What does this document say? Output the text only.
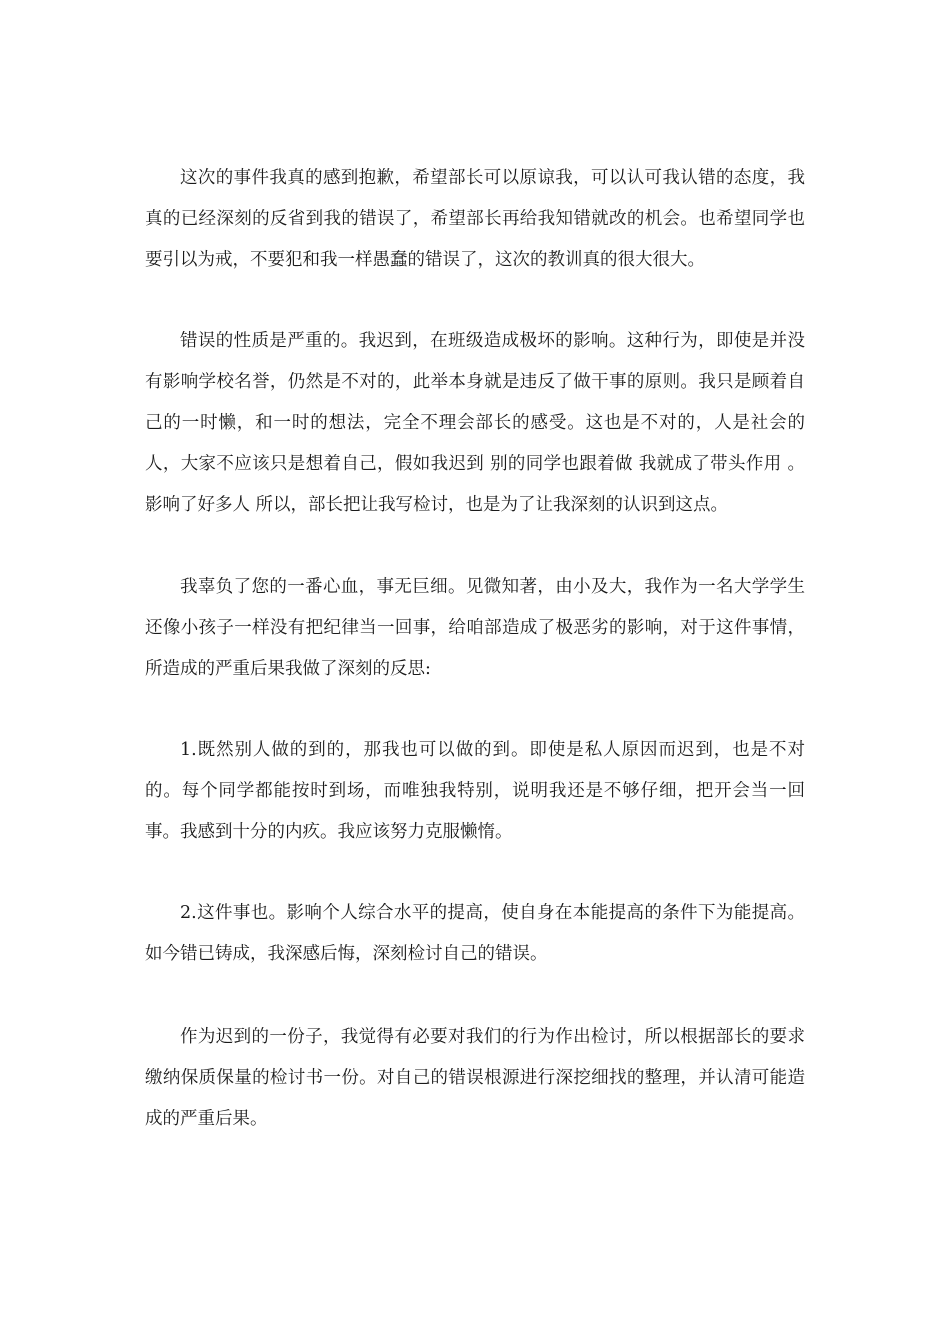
这次的事件我真的感到抱歉，希望部长可以原谅我，可以认可我认错的态度，我真的已经深刻的反省到我的错误了，希望部长再给我知错就改的机会。也希望同学也要引以为戒，不要犯和我一样愚蠢的错误了，这次的教训真的很大很大。

错误的性质是严重的。我迟到，在班级造成极坏的影响。这种行为，即使是并没有影响学校名誉，仍然是不对的，此举本身就是违反了做干事的原则。我只是顾着自己的一时懒，和一时的想法，完全不理会部长的感受。这也是不对的，人是社会的人，大家不应该只是想着自己，假如我迟到 别的同学也跟着做 我就成了带头作用 。影响了好多人 所以，部长把让我写检讨，也是为了让我深刻的认识到这点。

我辜负了您的一番心血，事无巨细。见微知著，由小及大，我作为一名大学学生还像小孩子一样没有把纪律当一回事，给咱部造成了极恶劣的影响，对于这件事情，所造成的严重后果我做了深刻的反思:

1.既然别人做的到的，那我也可以做的到。即使是私人原因而迟到，也是不对的。每个同学都能按时到场，而唯独我特别，说明我还是不够仔细，把开会当一回事。我感到十分的内疚。我应该努力克服懒惰。

2.这件事也。影响个人综合水平的提高，使自身在本能提高的条件下为能提高。如今错已铸成，我深感后悔，深刻检讨自己的错误。

作为迟到的一份子，我觉得有必要对我们的行为作出检讨，所以根据部长的要求缴纳保质保量的检讨书一份。对自己的错误根源进行深挖细找的整理，并认清可能造成的严重后果。
